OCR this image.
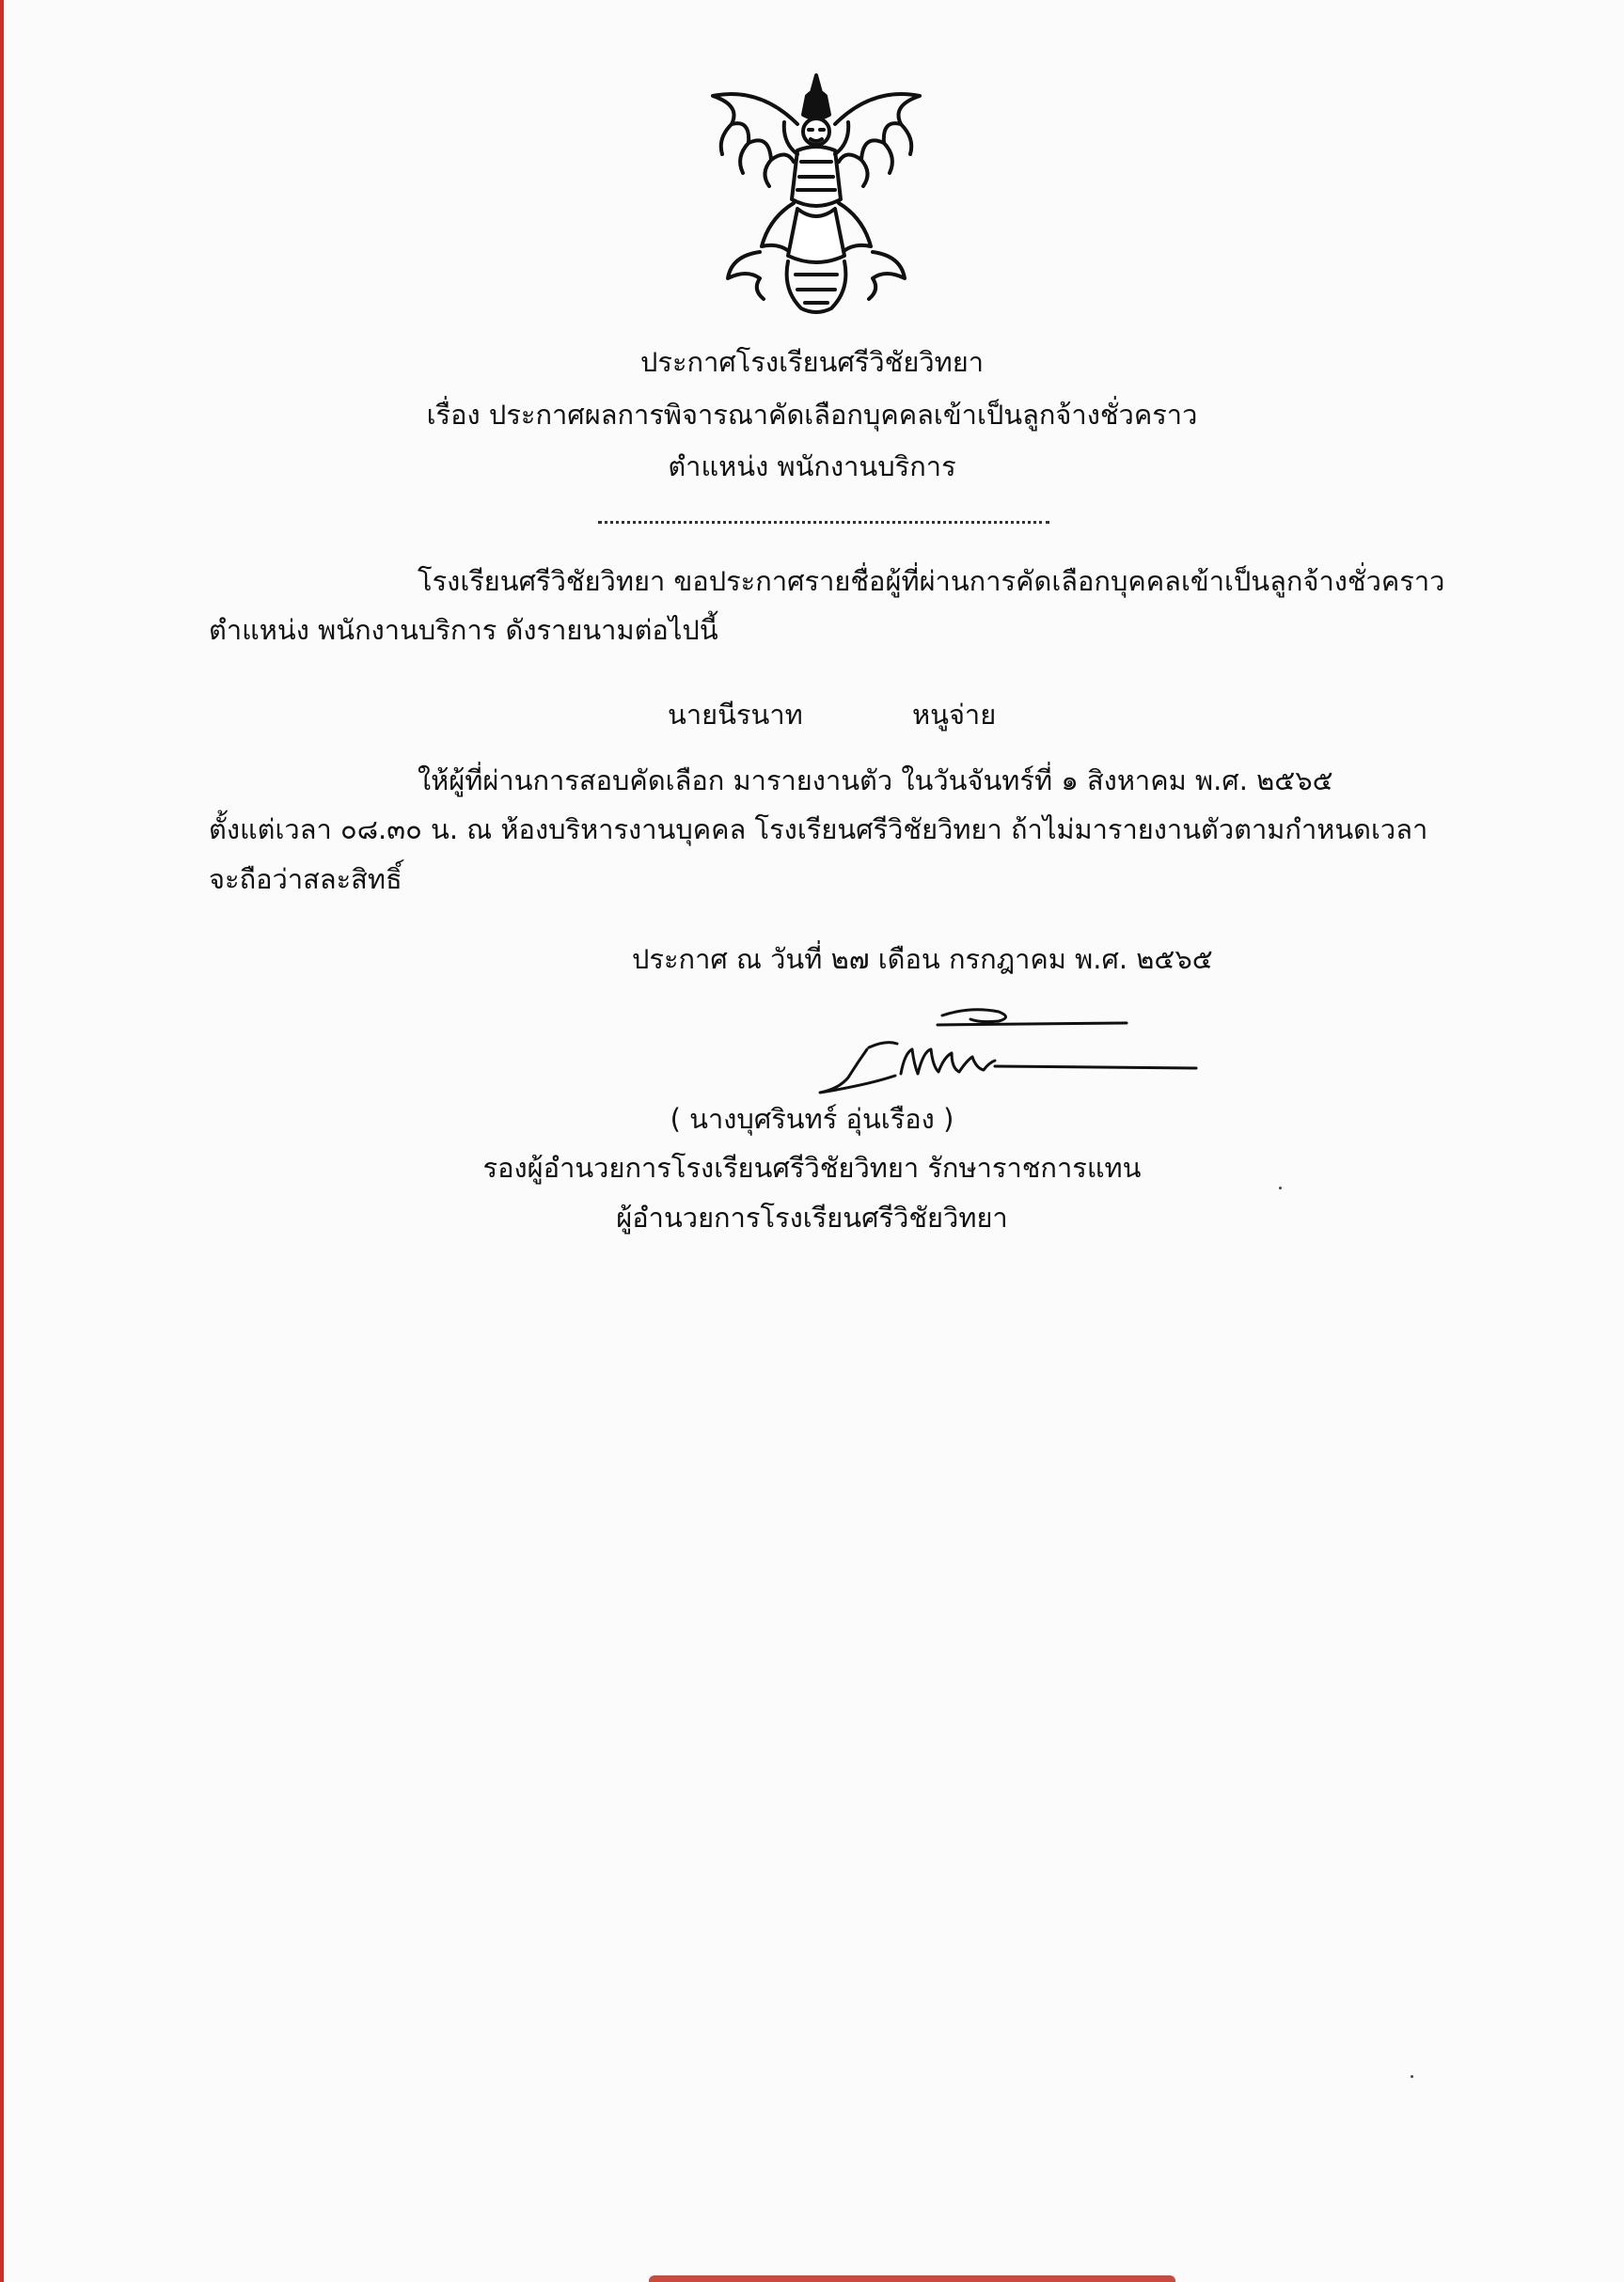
ประกาศโรงเรียนศรีวิชัยวิทยา
เรื่อง ประกาศผลการพิจารณาคัดเลือกบุคคลเข้าเป็นลูกจ้างชั่วคราว
ตำแหน่ง พนักงานบริการ
โรงเรียนศรีวิชัยวิทยา ขอประกาศรายชื่อผู้ที่ผ่านการคัดเลือกบุคคลเข้าเป็นลูกจ้างชั่วคราว
ตำแหน่ง พนักงานบริการ ดังรายนามต่อไปนี้
นายนีรนาท	หนูจ่าย
ให้ผู้ที่ผ่านการสอบคัดเลือก มารายงานตัว ในวันจันทร์ที่ ๑ สิงหาคม พ.ศ. ๒๕๖๕
ตั้งแต่เวลา ๐๘.๓๐ น. ณ ห้องบริหารงานบุคคล โรงเรียนศรีวิชัยวิทยา ถ้าไม่มารายงานตัวตามกำหนดเวลา
จะถือว่าสละสิทธิ์
ประกาศ ณ วันที่ ๒๗ เดือน กรกฎาคม พ.ศ. ๒๕๖๕
( นางบุศรินทร์ อุ่นเรือง )
รองผู้อำนวยการโรงเรียนศรีวิชัยวิทยา รักษาราชการแทน
ผู้อำนวยการโรงเรียนศรีวิชัยวิทยา
